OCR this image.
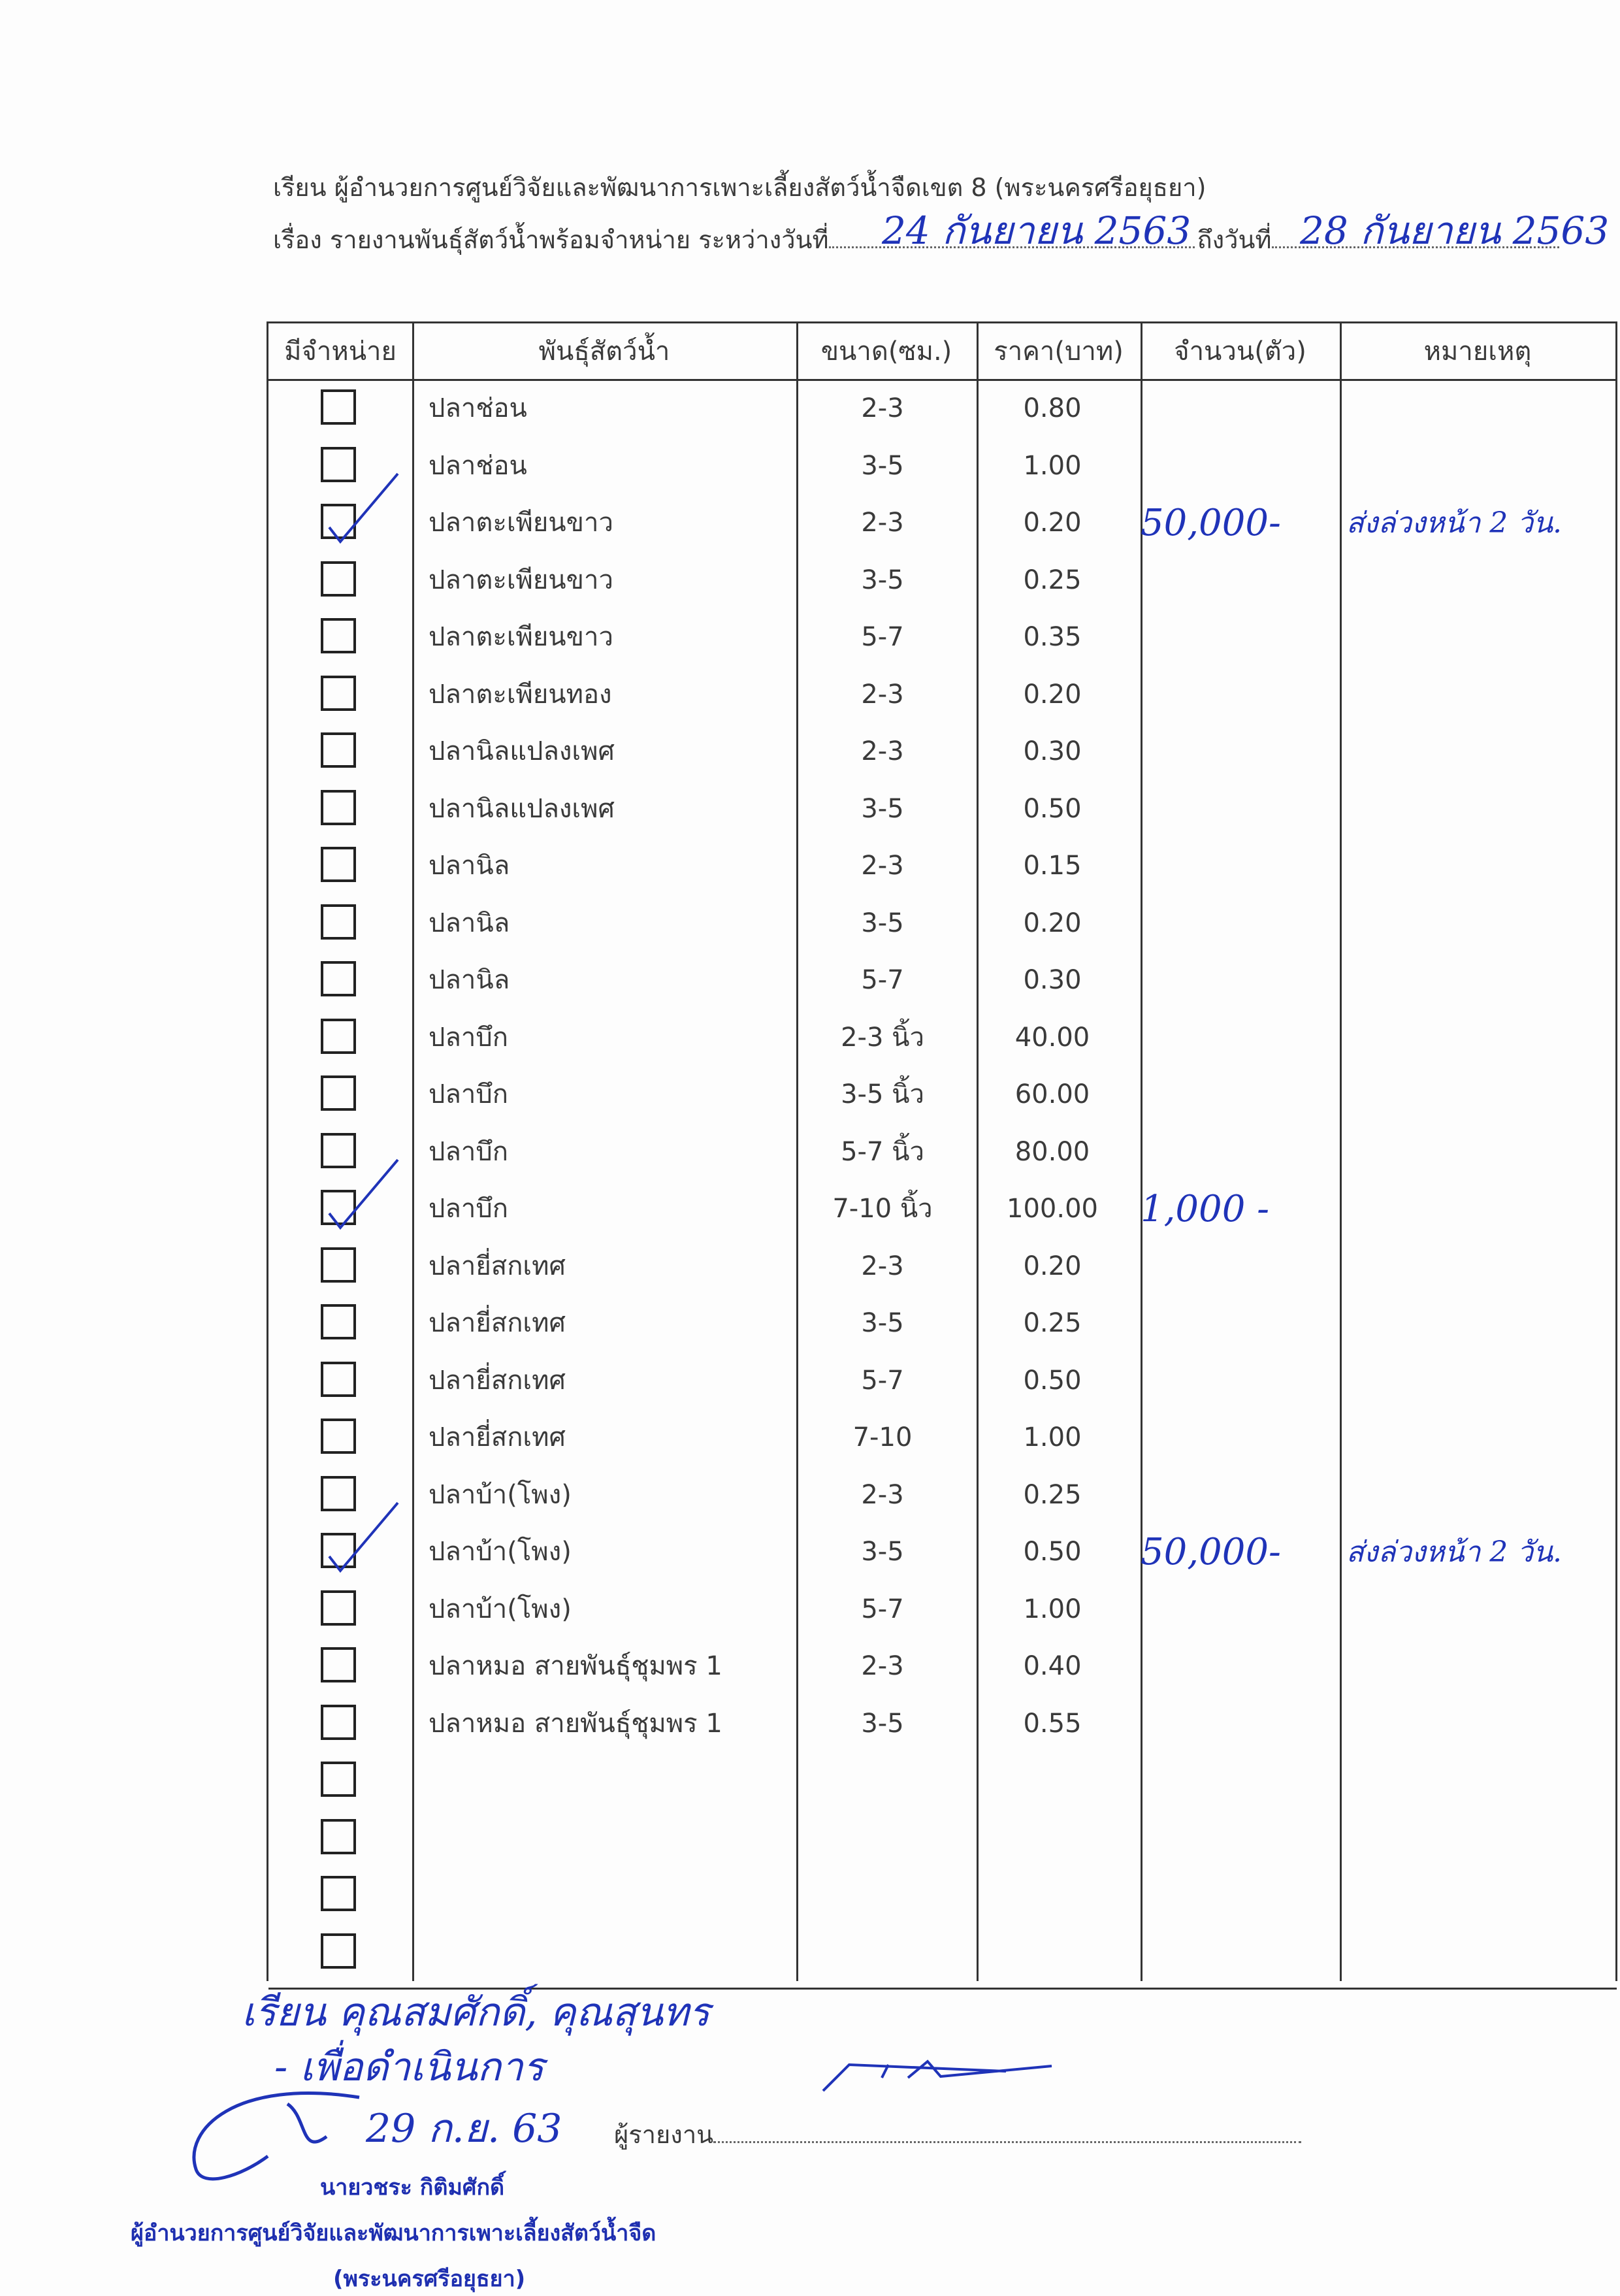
เรียน ผู้อำนวยการศูนย์วิจัยและพัฒนาการเพาะเลี้ยงสัตว์น้ำจืดเขต 8 (พระนครศรีอยุธยา)
เรื่อง รายงานพันธุ์สัตว์น้ำพร้อมจำหน่าย ระหว่างวันที่	ถึงวันที่
24 กันยายน 2563	28 กันยายน 2563
มีจำหน่าย	พันธุ์สัตว์น้ำ	ขนาด(ซม.)	ราคา(บาท)	จำนวน(ตัว)	หมายเหตุ
ปลาช่อน	2-3	0.80
ปลาช่อน	3-5	1.00
ปลาตะเพียนขาว	2-3	0.20	50,000-	ส่งล่วงหน้า 2 วัน.
ปลาตะเพียนขาว	3-5	0.25
ปลาตะเพียนขาว	5-7	0.35
ปลาตะเพียนทอง	2-3	0.20
ปลานิลแปลงเพศ	2-3	0.30
ปลานิลแปลงเพศ	3-5	0.50
ปลานิล	2-3	0.15
ปลานิล	3-5	0.20
ปลานิล	5-7	0.30
ปลาบึก	2-3 นิ้ว	40.00
ปลาบึก	3-5 นิ้ว	60.00
ปลาบึก	5-7 นิ้ว	80.00
ปลาบึก	7-10 นิ้ว	100.00	1,000 -
ปลายี่สกเทศ	2-3	0.20
ปลายี่สกเทศ	3-5	0.25
ปลายี่สกเทศ	5-7	0.50
ปลายี่สกเทศ	7-10	1.00
ปลาบ้า(โพง)	2-3	0.25
ปลาบ้า(โพง)	3-5	0.50	50,000-	ส่งล่วงหน้า 2 วัน.
ปลาบ้า(โพง)	5-7	1.00
ปลาหมอ สายพันธุ์ชุมพร 1	2-3	0.40
ปลาหมอ สายพันธุ์ชุมพร 1	3-5	0.55
เรียน คุณสมศักดิ์, คุณสุนทร
- เพื่อดำเนินการ
29 ก.ย. 63 ผู้รายงาน
นายวชระ กิติมศักดิ์
ผู้อำนวยการศูนย์วิจัยและพัฒนาการเพาะเลี้ยงสัตว์น้ำจืด
(พระนครศรีอยุธยา)
